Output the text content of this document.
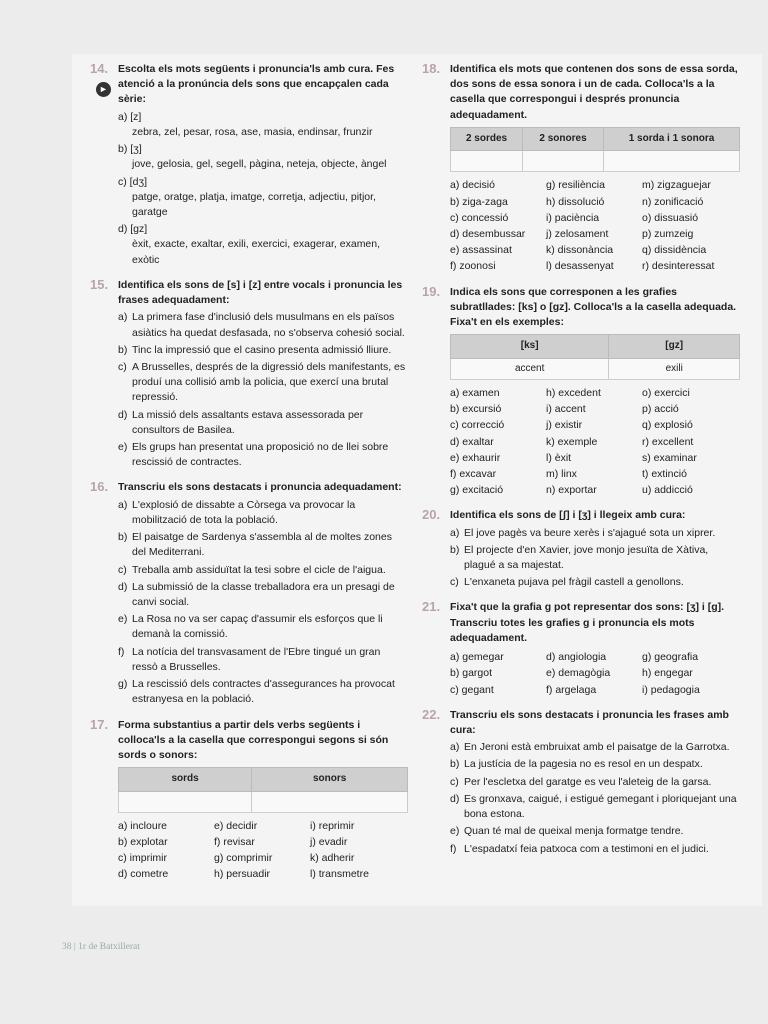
►
14. Escolta els mots següents i pronuncia'ls amb cura. Fes atenció a la pronúncia dels sons que encapçalen cada sèrie:
a) [z]
zebra, zel, pesar, rosa, ase, masia, endinsar, frunzir
b) [ʒ]
jove, gelosia, gel, segell, pàgina, neteja, objecte, àngel
c) [dʒ]
patge, oratge, platja, imatge, corretja, adjectiu, pitjor, garatge
d) [gz]
èxit, exacte, exaltar, exili, exercici, exagerar, examen, exòtic
15. Identifica els sons de [s] i [z] entre vocals i pronuncia les frases adequadament:
a) La primera fase d'inclusió dels musulmans en els països asiàtics ha quedat desfasada, no s'observa cohesió social.
b) Tinc la impressió que el casino presenta admissió lliure.
c) A Brusselles, després de la digressió dels manifestants, es produí una collisió amb la policia, que exercí una brutal repressió.
d) La missió dels assaltants estava assessorada per consultors de Basilea.
e) Els grups han presentat una proposició no de llei sobre rescissió de contractes.
16. Transcriu els sons destacats i pronuncia adequadament:
a) L'explosió de dissabte a Còrsega va provocar la mobilització de tota la població.
b) El paisatge de Sardenya s'assembla al de moltes zones del Mediterrani.
c) Treballa amb assiduïtat la tesi sobre el cicle de l'aigua.
d) La submissió de la classe treballadora era un presagi de canvi social.
e) La Rosa no va ser capaç d'assumir els esforços que li demanà la comissió.
f) La notícia del transvasament de l'Ebre tingué un gran ressò a Brusselles.
g) La rescissió dels contractes d'assegurances ha provocat estranyesa en la població.
17. Forma substantius a partir dels verbs següents i colloca'ls a la casella que correspongui segons si són sords o sonors:
sords	sonors

a) incloure	e) decidir	i) reprimir
b) explotar	f) revisar	j) evadir
c) imprimir	g) comprimir	k) adherir
d) cometre	h) persuadir	l) transmetre
18. Identifica els mots que contenen dos sons de essa sorda, dos sons de essa sonora i un de cada. Colloca'ls a la casella que correspongui i després pronuncia adequadament.
2 sordes	2 sonores	1 sorda i 1 sonora

a) decisió	g) resiliència	m) zigzaguejar
b) ziga-zaga	h) dissolució	n) zonificació
c) concessió	i) paciència	o) dissuasió
d) desembussar	j) zelosament	p) zumzeig
e) assassinat	k) dissonància	q) dissidència
f) zoonosi	l) desassenyat	r) desinteressat
19. Indica els sons que corresponen a les grafies subratllades: [ks] o [gz]. Colloca'ls a la casella adequada. Fixa't en els exemples:
[ks]	[gz]
accent	exili
a) examen	h) excedent	o) exercici
b) excursió	i) accent	p) acció
c) correcció	j) existir	q) explosió
d) exaltar	k) exemple	r) excellent
e) exhaurir	l) èxit	s) examinar
f) excavar	m) linx	t) extinció
g) excitació	n) exportar	u) addicció
20. Identifica els sons de [ʃ] i [ʒ] i llegeix amb cura:
a) El jove pagès va beure xerès i s'ajagué sota un xiprer.
b) El projecte d'en Xavier, jove monjo jesuïta de Xàtiva, plagué a sa majestat.
c) L'enxaneta pujava pel fràgil castell a genollons.
21. Fixa't que la grafia g pot representar dos sons: [ʒ] i [g]. Transcriu totes les grafies g i pronuncia els mots adequadament.
a) gemegar	d) angiologia	g) geografia
b) gargot	e) demagògia	h) engegar
c) gegant	f) argelaga	i) pedagogia
22. Transcriu els sons destacats i pronuncia les frases amb cura:
a) En Jeroni està embruixat amb el paisatge de la Garrotxa.
b) La justícia de la pagesia no es resol en un despatx.
c) Per l'escletxa del garatge es veu l'aleteig de la garsa.
d) Es gronxava, caigué, i estigué gemegant i ploriquejant una bona estona.
e) Quan té mal de queixal menja formatge tendre.
f) L'espadatxí feia patxoca com a testimoni en el judici.
38 | 1r de Batxillerat
